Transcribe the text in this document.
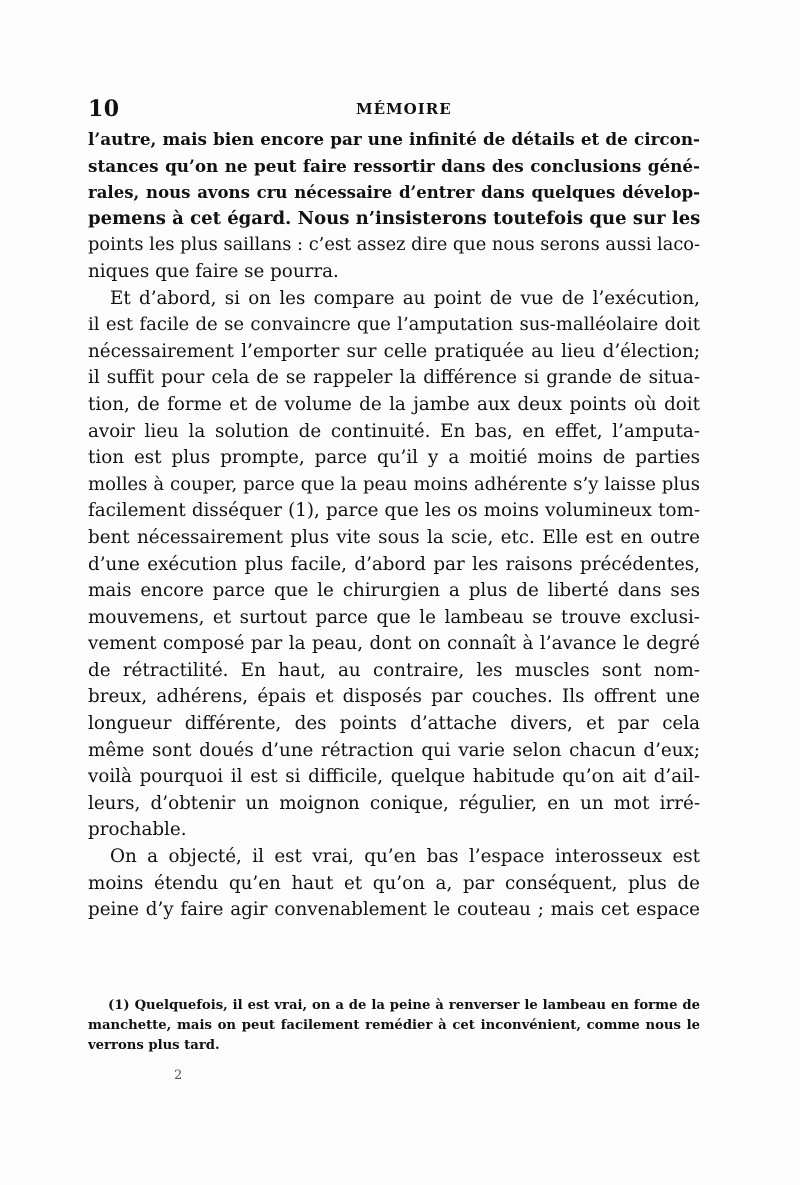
10	MÉMOIRE
l’autre, mais bien encore par une infinité de détails et de circon-
stances qu’on ne peut faire ressortir dans des conclusions géné-
rales, nous avons cru nécessaire d’entrer dans quelques dévelop-
pemens à cet égard. Nous n’insisterons toutefois que sur les
points les plus saillans : c’est assez dire que nous serons aussi laco-
niques que faire se pourra.
Et d’abord, si on les compare au point de vue de l’exécution,
il est facile de se convaincre que l’amputation sus-malléolaire doit
nécessairement l’emporter sur celle pratiquée au lieu d’élection;
il suffit pour cela de se rappeler la différence si grande de situa-
tion, de forme et de volume de la jambe aux deux points où doit
avoir lieu la solution de continuité. En bas, en effet, l’amputa-
tion est plus prompte, parce qu’il y a moitié moins de parties
molles à couper, parce que la peau moins adhérente s’y laisse plus
facilement disséquer (1), parce que les os moins volumineux tom-
bent nécessairement plus vite sous la scie, etc. Elle est en outre
d’une exécution plus facile, d’abord par les raisons précédentes,
mais encore parce que le chirurgien a plus de liberté dans ses
mouvemens, et surtout parce que le lambeau se trouve exclusi-
vement composé par la peau, dont on connaît à l’avance le degré
de rétractilité. En haut, au contraire, les muscles sont nom-
breux, adhérens, épais et disposés par couches. Ils offrent une
longueur différente, des points d’attache divers, et par cela
même sont doués d’une rétraction qui varie selon chacun d’eux;
voilà pourquoi il est si difficile, quelque habitude qu’on ait d’ail-
leurs, d’obtenir un moignon conique, régulier, en un mot irré-
prochable.
On a objecté, il est vrai, qu’en bas l’espace interosseux est
moins étendu qu’en haut et qu’on a, par conséquent, plus de
peine d’y faire agir convenablement le couteau ; mais cet espace
(1) Quelquefois, il est vrai, on a de la peine à renverser le lambeau en forme de
manchette, mais on peut facilement remédier à cet inconvénient, comme nous le
verrons plus tard.
2
